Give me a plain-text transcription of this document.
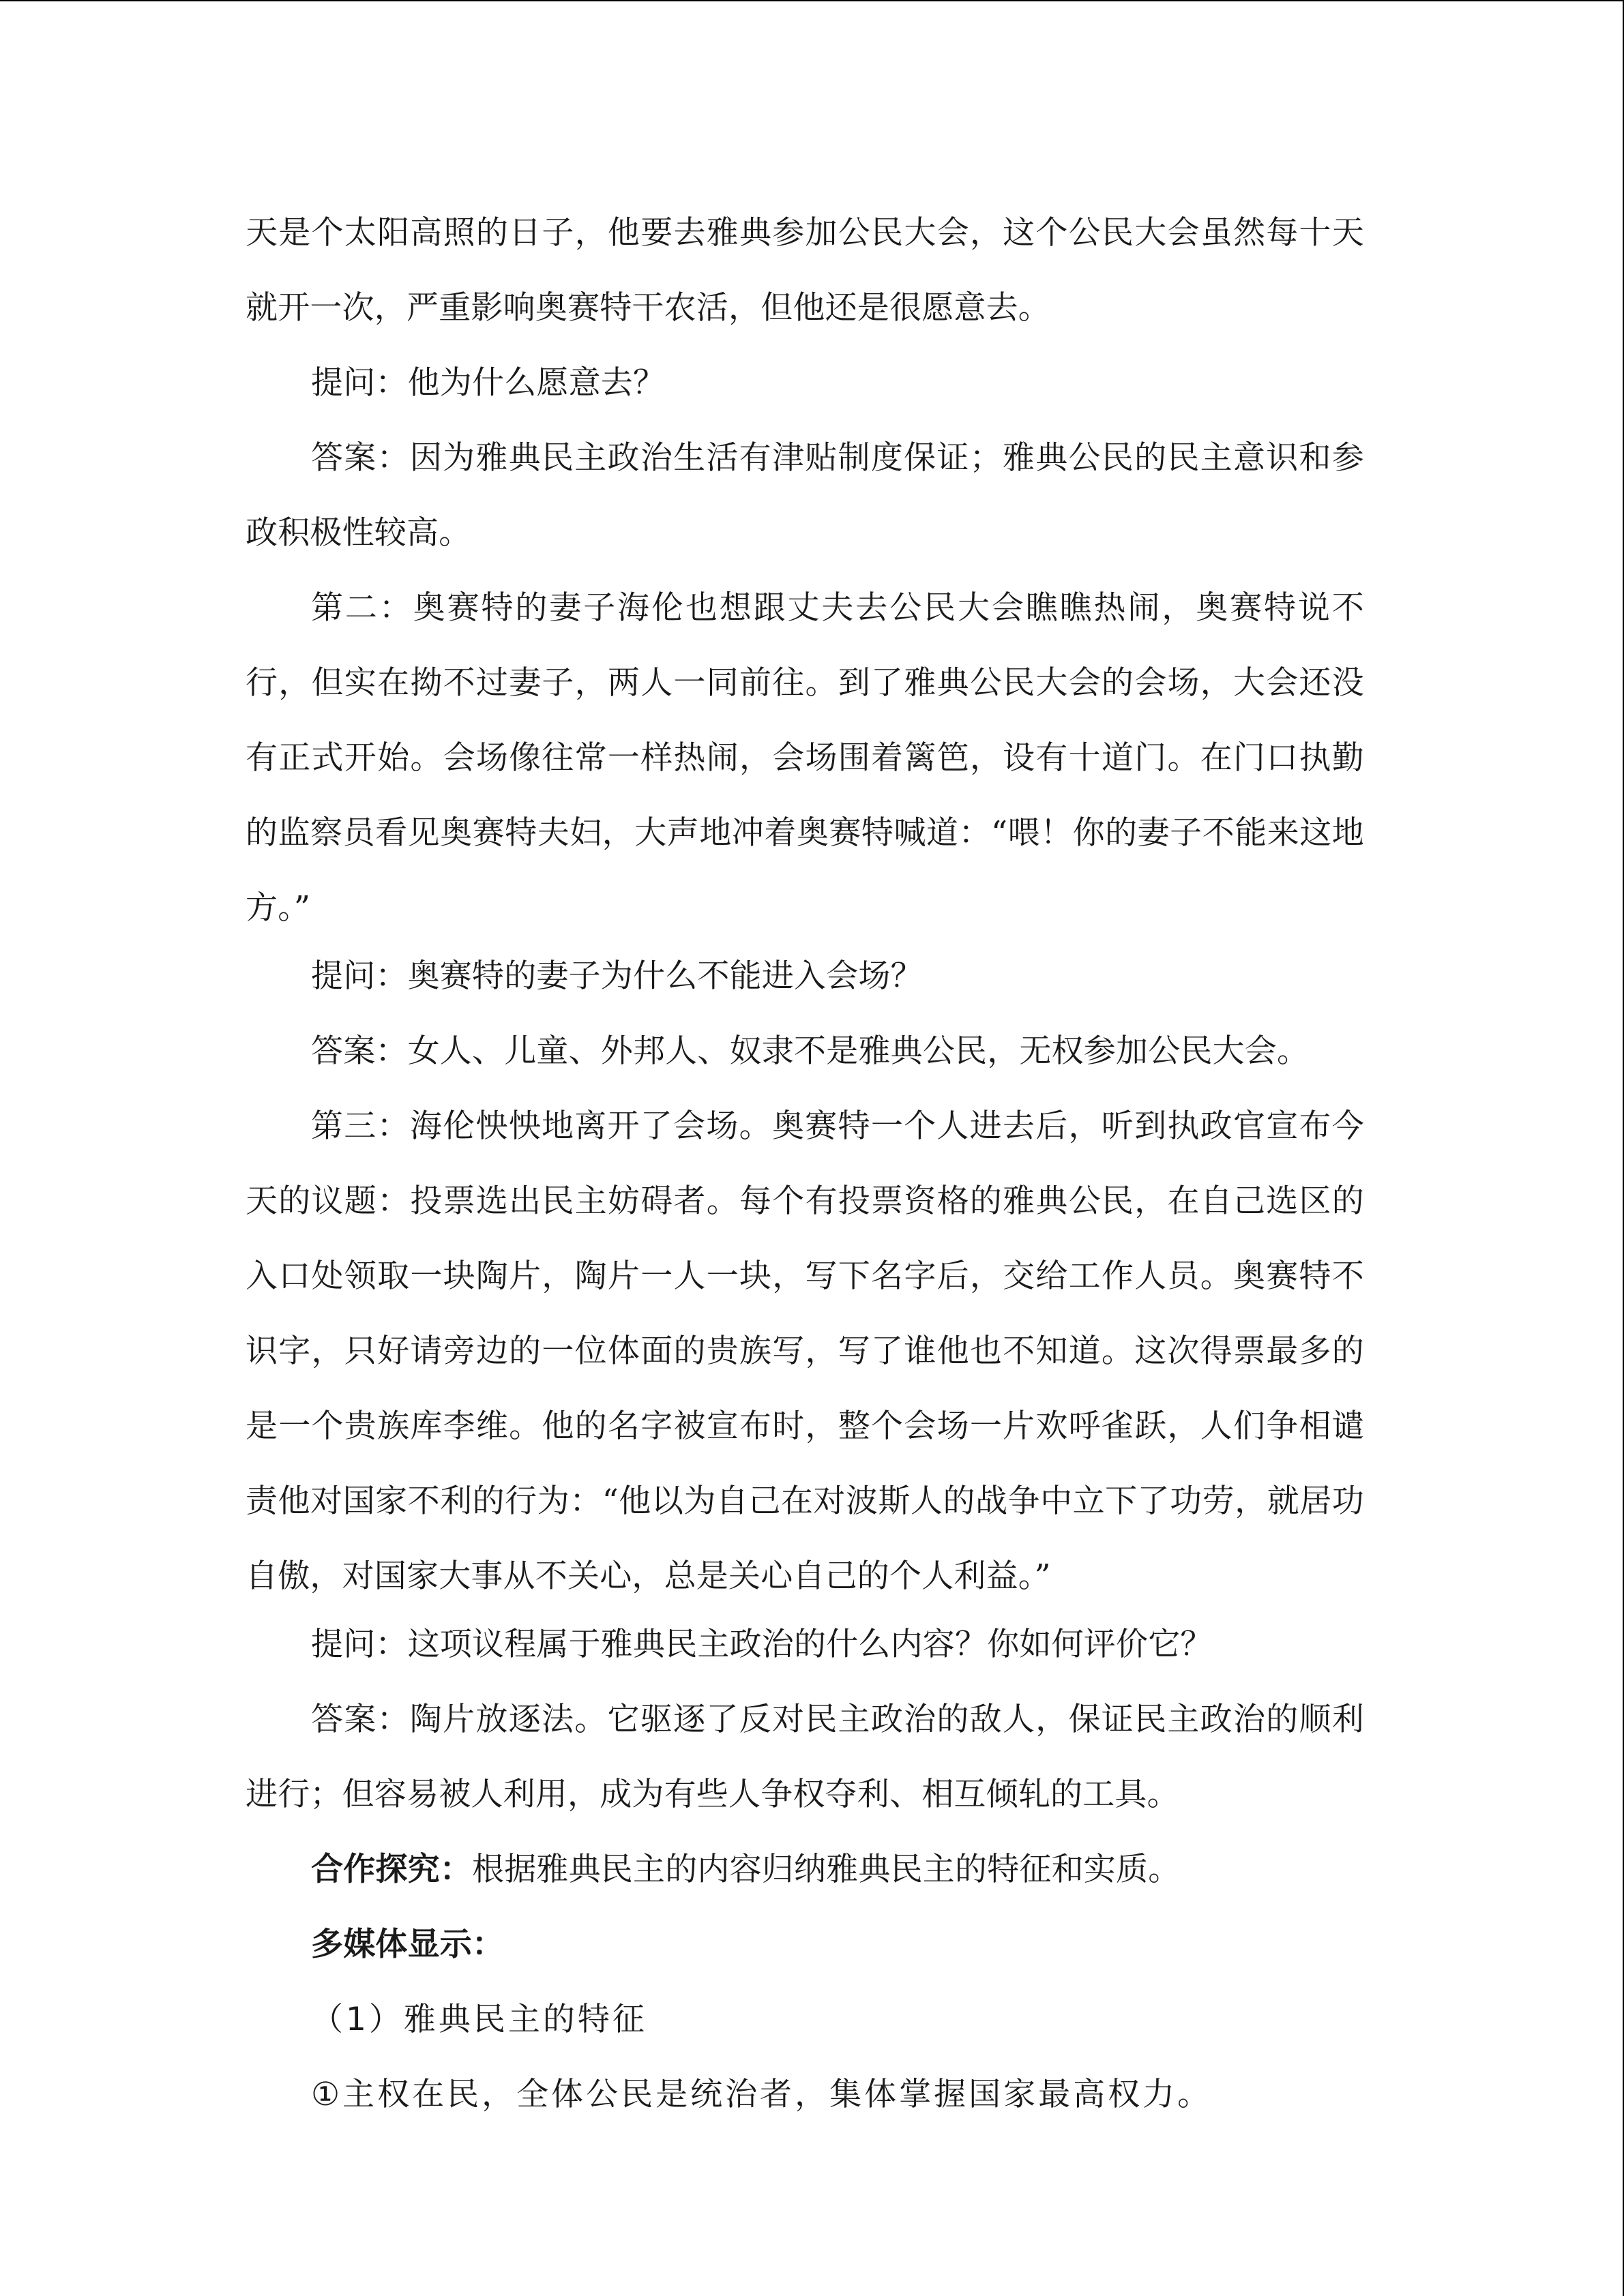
天是个太阳高照的日子，他要去雅典参加公民大会，这个公民大会虽然每十天就开一次，严重影响奥赛特干农活，但他还是很愿意去。

提问：他为什么愿意去？

答案：因为雅典民主政治生活有津贴制度保证；雅典公民的民主意识和参政积极性较高。

第二：奥赛特的妻子海伦也想跟丈夫去公民大会瞧瞧热闹，奥赛特说不行，但实在拗不过妻子，两人一同前往。到了雅典公民大会的会场，大会还没有正式开始。会场像往常一样热闹，会场围着篱笆，设有十道门。在门口执勤的监察员看见奥赛特夫妇，大声地冲着奥赛特喊道：“喂！你的妻子不能来这地方。”

提问：奥赛特的妻子为什么不能进入会场？

答案：女人、儿童、外邦人、奴隶不是雅典公民，无权参加公民大会。

第三：海伦怏怏地离开了会场。奥赛特一个人进去后，听到执政官宣布今天的议题：投票选出民主妨碍者。每个有投票资格的雅典公民，在自己选区的入口处领取一块陶片，陶片一人一块，写下名字后，交给工作人员。奥赛特不识字，只好请旁边的一位体面的贵族写，写了谁他也不知道。这次得票最多的是一个贵族库李维。他的名字被宣布时，整个会场一片欢呼雀跃，人们争相谴责他对国家不利的行为：“他以为自己在对波斯人的战争中立下了功劳，就居功自傲，对国家大事从不关心，总是关心自己的个人利益。”

提问：这项议程属于雅典民主政治的什么内容？你如何评价它？

答案：陶片放逐法。它驱逐了反对民主政治的敌人，保证民主政治的顺利进行；但容易被人利用，成为有些人争权夺利、相互倾轧的工具。

合作探究：根据雅典民主的内容归纳雅典民主的特征和实质。

多媒体显示：

（1）雅典民主的特征

①主权在民，全体公民是统治者，集体掌握国家最高权力。
